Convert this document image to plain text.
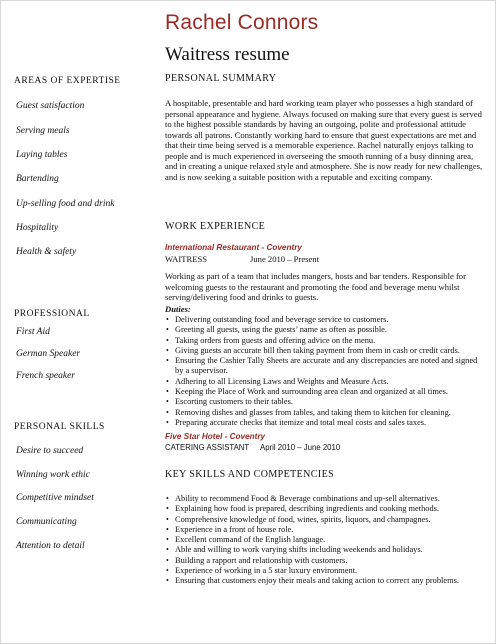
Rachel Connors
Waitress resume
AREAS OF EXPERTISE
Guest satisfaction
Serving meals
Laying tables
Bartending
Up-selling food and drink
Hospitality
Health & safety
PROFESSIONAL
First Aid
German Speaker
French speaker
PERSONAL SKILLS
Desire to succeed
Winning work ethic
Competitive mindset
Communicating
Attention to detail
PERSONAL SUMMARY
A hospitable, presentable and hard working team player who possesses a high standard of personal appearance and hygiene. Always focused on making sure that every guest is served to the highest possible standards by having an outgoing, polite and professional attitude towards all patrons. Constantly working hard to ensure that guest expectations are met and that their time being served is a memorable experience. Rachel naturally enjoys talking to people and is much experienced in overseeing the smooth running of a busy dinning area, and in creating a unique relaxed style and atmosphere. She is now ready for new challenges, and is now seeking a suitable position with a reputable and exciting company.
WORK EXPERIENCE
International Restaurant - Coventry
WAITRESS	June 2010 – Present
Working as part of a team that includes mangers, hosts and bar tenders. Responsible for welcoming guests to the restaurant and promoting the food and beverage menu whilst serving/delivering food and drinks to guests.
Duties:
• Delivering outstanding food and beverage service to customers.
• Greeting all guests, using the guests’ name as often as possible.
• Taking orders from guests and offering advice on the menu.
• Giving guests an accurate bill then taking payment from them in cash or credit cards.
• Ensuring the Cashier Tally Sheets are accurate and any discrepancies are noted and signed by a supervisor.
• Adhering to all Licensing Laws and Weights and Measure Acts.
• Keeping the Place of Work and surrounding area clean and organized at all times.
• Escorting customers to their tables.
• Removing dishes and glasses from tables, and taking them to kitchen for cleaning.
• Preparing accurate checks that itemize and total meal costs and sales taxes.
Five Star Hotel - Coventry
CATERING ASSISTANT April 2010 – June 2010
KEY SKILLS AND COMPETENCIES
• Ability to recommend Food & Beverage combinations and up-sell alternatives.
• Explaining how food is prepared, describing ingredients and cooking methods.
• Comprehensive knowledge of food, wines, spirits, liquors, and champagnes.
• Experience in a front of house role.
• Excellent command of the English language.
• Able and willing to work varying shifts including weekends and holidays.
• Building a rapport and relationship with customers.
• Experience of working in a 5 star luxury environment.
• Ensuring that customers enjoy their meals and taking action to correct any problems.
